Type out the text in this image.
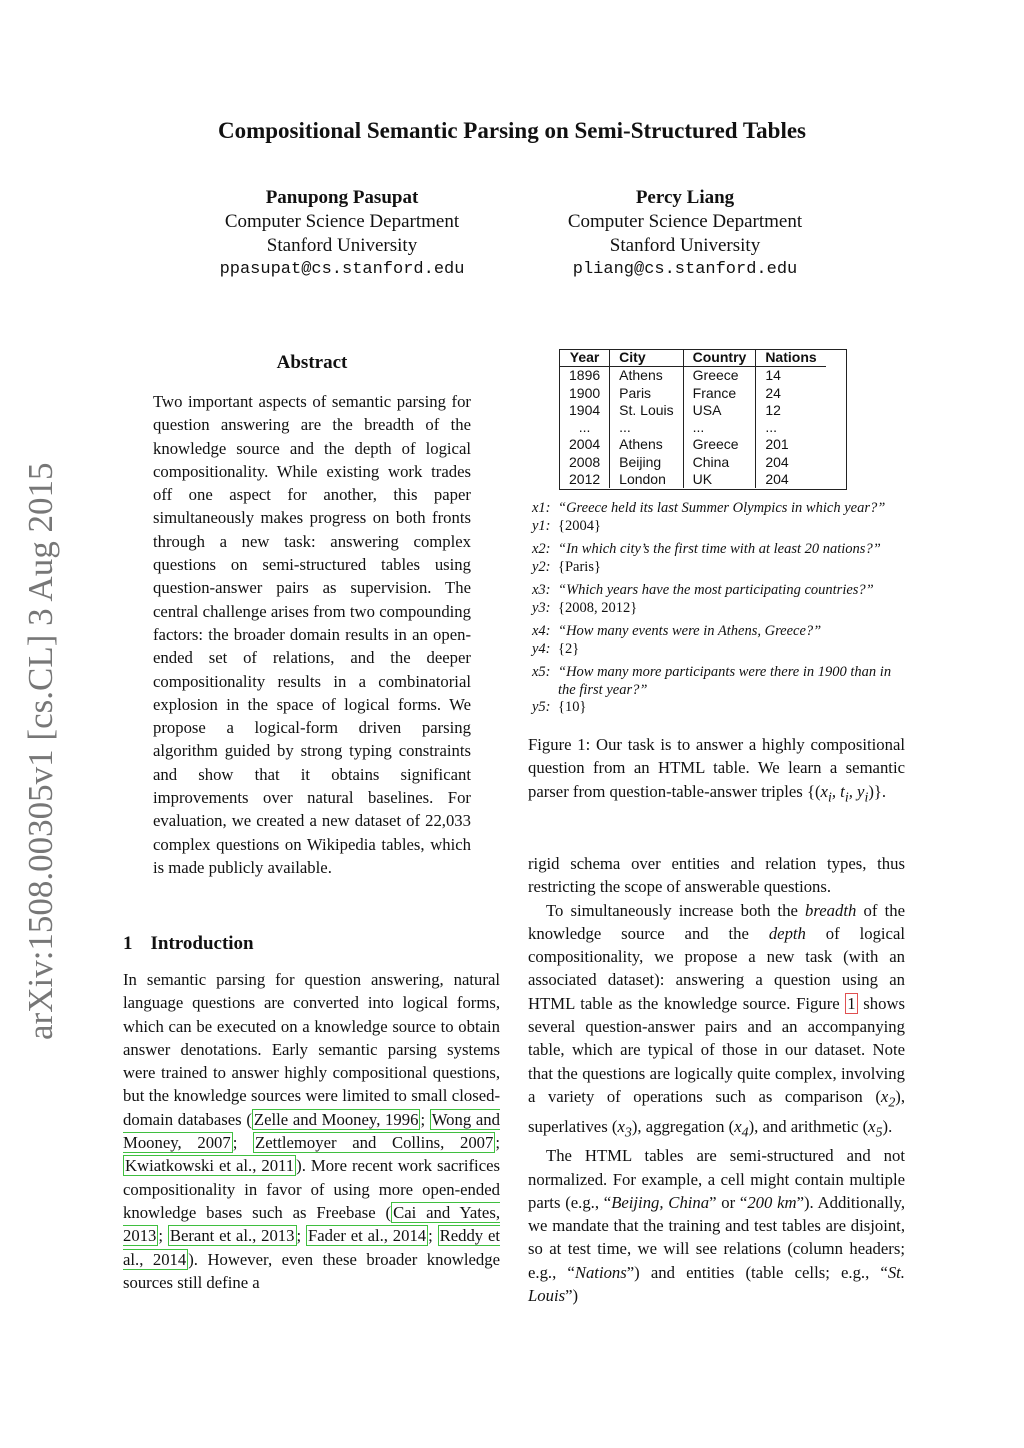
Compositional Semantic Parsing on Semi-Structured Tables
Panupong Pasupat
Computer Science Department
Stanford University
ppasupat@cs.stanford.edu
Percy Liang
Computer Science Department
Stanford University
pliang@cs.stanford.edu
arXiv:1508.00305v1 [cs.CL] 3 Aug 2015
Abstract
Two important aspects of semantic parsing for question answering are the breadth of the knowledge source and the depth of logical compositionality. While existing work trades off one aspect for another, this paper simultaneously makes progress on both fronts through a new task: answering complex questions on semi-structured tables using question-answer pairs as supervision. The central challenge arises from two compounding factors: the broader domain results in an open-ended set of relations, and the deeper compositionality results in a combinatorial explosion in the space of logical forms. We propose a logical-form driven parsing algorithm guided by strong typing constraints and show that it obtains significant improvements over natural baselines. For evaluation, we created a new dataset of 22,033 complex questions on Wikipedia tables, which is made publicly available.
1 Introduction
In semantic parsing for question answering, natural language questions are converted into logical forms, which can be executed on a knowledge source to obtain answer denotations. Early semantic parsing systems were trained to answer highly compositional questions, but the knowledge sources were limited to small closed-domain databases ( Zelle and Mooney, 1996 ; Wong and Mooney, 2007 ; Zettlemoyer and Collins, 2007 ; Kwiatkowski et al., 2011 ). More recent work sacrifices compositionality in favor of using more open-ended knowledge bases such as Freebase ( Cai and Yates, 2013 ; Berant et al., 2013 ; Fader et al., 2014 ; Reddy et al., 2014 ). However, even these broader knowledge sources still define a
Year	City	Country	Nations
1896	Athens	Greece	14
1900	Paris	France	24
1904	St. Louis	USA	12
...	...	...	...
2004	Athens	Greece	201
2008	Beijing	China	204
2012	London	UK	204
x1: “Greece held its last Summer Olympics in which year?”
y1: {2004}
x2: “In which city’s the first time with at least 20 nations?”
y2: {Paris}
x3: “Which years have the most participating countries?”
y3: {2008, 2012}
x4: “How many events were in Athens, Greece?”
y4: {2}
x5: “How many more participants were there in 1900 than in the first year?”
y5: {10}
Figure 1: Our task is to answer a highly compositional question from an HTML table. We learn a semantic parser from question-table-answer triples {($x_i$, $t_i$, $y_i$)}.
rigid schema over entities and relation types, thus restricting the scope of answerable questions.
To simultaneously increase both the breadth of the knowledge source and the depth of logical compositionality, we propose a new task (with an associated dataset): answering a question using an HTML table as the knowledge source. Figure 1 shows several question-answer pairs and an accompanying table, which are typical of those in our dataset. Note that the questions are logically quite complex, involving a variety of operations such as comparison $(x_2)$, superlatives $(x_3)$, aggregation $(x_4)$, and arithmetic $(x_5)$.
The HTML tables are semi-structured and not normalized. For example, a cell might contain multiple parts (e.g., “Beijing, China” or “200 km”). Additionally, we mandate that the training and test tables are disjoint, so at test time, we will see relations (column headers; e.g., “Nations”) and entities (table cells; e.g., “St. Louis”)
